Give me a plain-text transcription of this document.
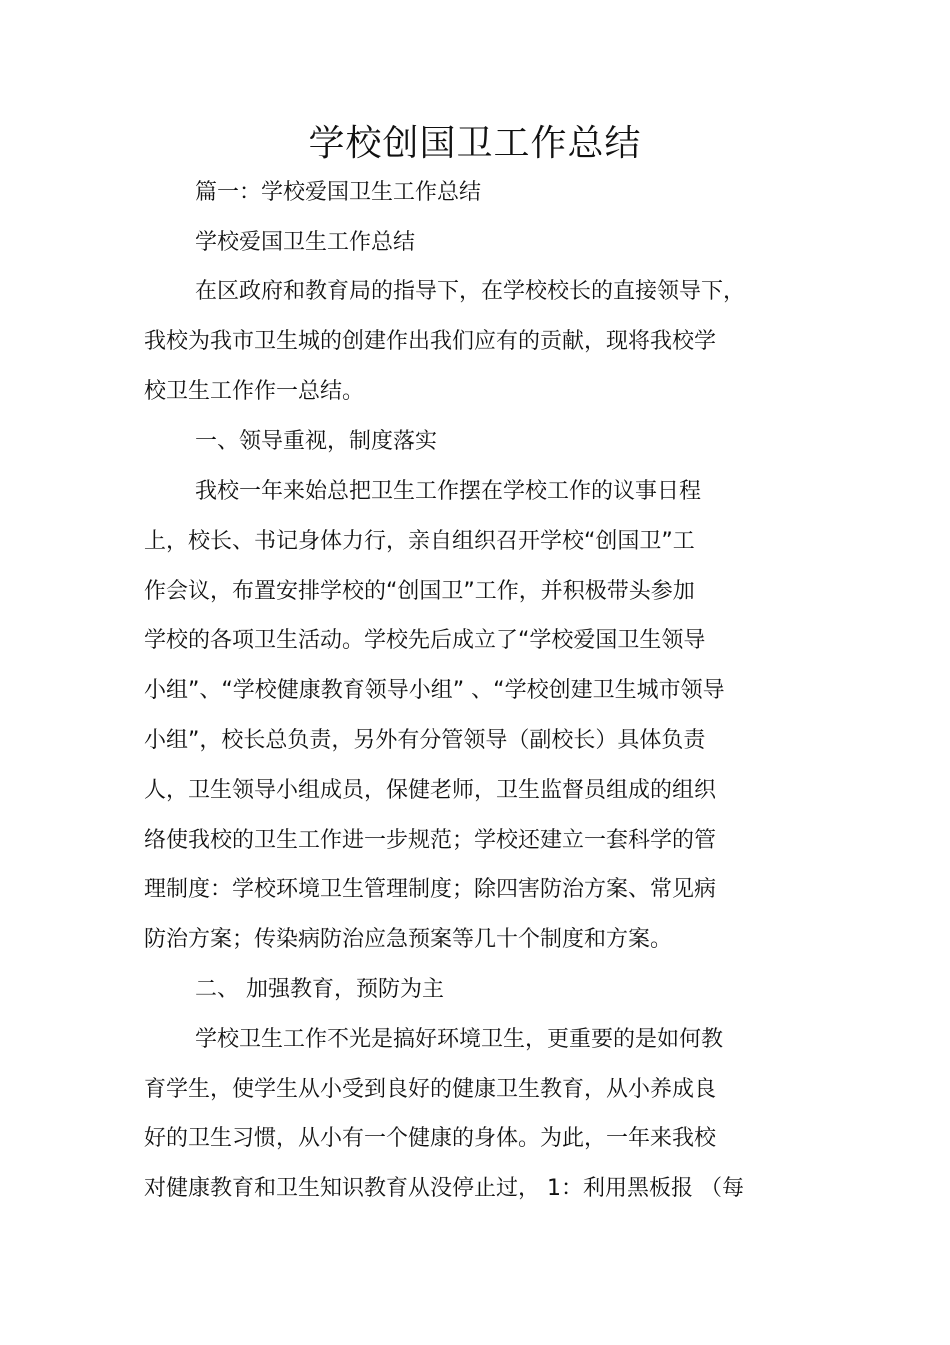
学校创国卫工作总结

篇一：学校爱国卫生工作总结

学校爱国卫生工作总结

在区政府和教育局的指导下，在学校校长的直接领导下，

我校为我市卫生城的创建作出我们应有的贡献，现将我校学

校卫生工作作一总结。

一、领导重视，制度落实

我校一年来始总把卫生工作摆在学校工作的议事日程

上，校长、书记身体力行，亲自组织召开学校“创国卫”工

作会议，布置安排学校的“创国卫”工作，并积极带头参加

学校的各项卫生活动。学校先后成立了“学校爱国卫生领导

小组”、“学校健康教育领导小组” 、“学校创建卫生城市领导

小组”，校长总负责，另外有分管领导（副校长）具体负责

人，卫生领导小组成员，保健老师，卫生监督员组成的组织

络使我校的卫生工作进一步规范；学校还建立一套科学的管

理制度：学校环境卫生管理制度；除四害防治方案、常见病

防治方案；传染病防治应急预案等几十个制度和方案。

二、 加强教育，预防为主

学校卫生工作不光是搞好环境卫生，更重要的是如何教

育学生，使学生从小受到良好的健康卫生教育，从小养成良

好的卫生习惯，从小有一个健康的身体。为此，一年来我校

对健康教育和卫生知识教育从没停止过， 1：利用黑板报 （每
